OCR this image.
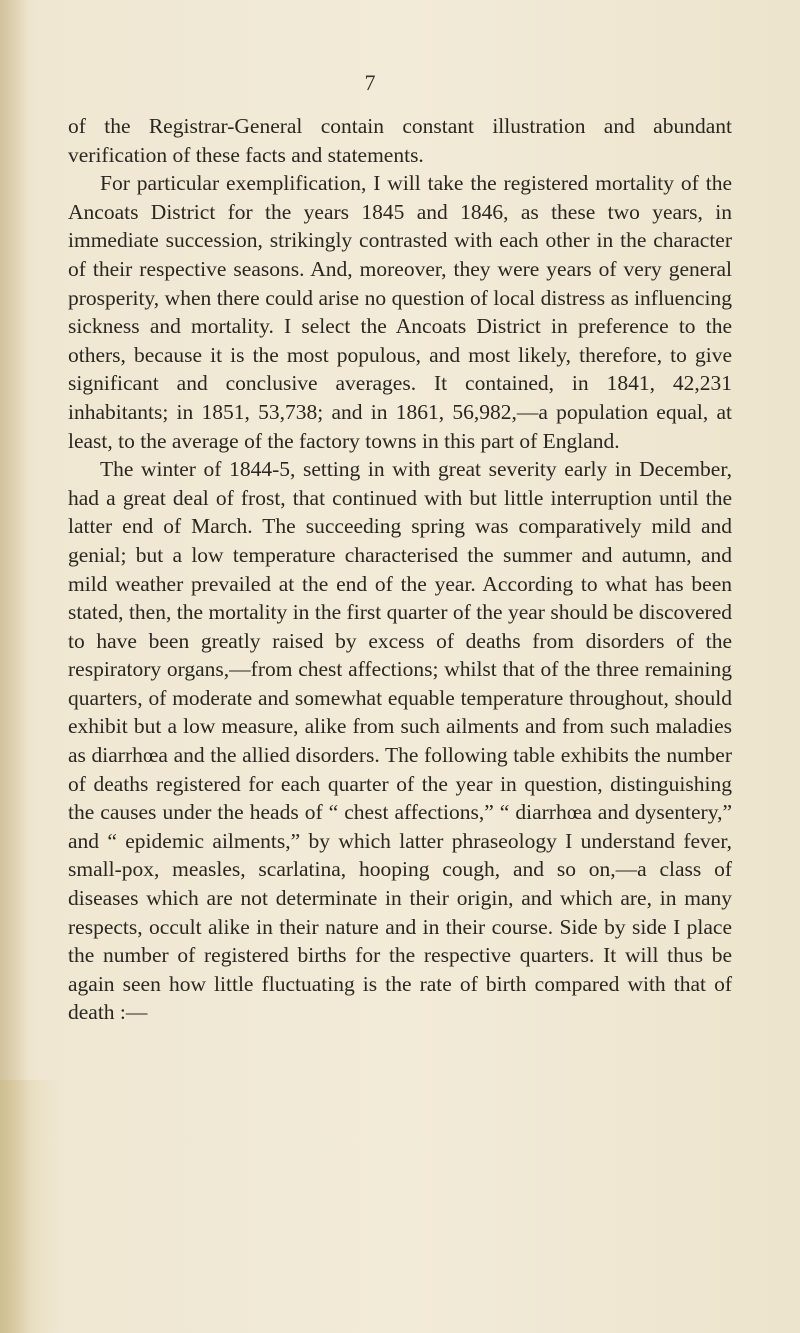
7

of the Registrar-General contain constant illustration and abundant verification of these facts and statements.

For particular exemplification, I will take the registered mortality of the Ancoats District for the years 1845 and 1846, as these two years, in immediate succession, strikingly contrasted with each other in the character of their respective seasons. And, moreover, they were years of very general prosperity, when there could arise no question of local distress as influencing sickness and mortality. I select the Ancoats District in preference to the others, because it is the most populous, and most likely, therefore, to give significant and conclusive averages. It contained, in 1841, 42,231 inhabitants; in 1851, 53,738; and in 1861, 56,982,—a population equal, at least, to the average of the factory towns in this part of England.

The winter of 1844-5, setting in with great severity early in December, had a great deal of frost, that continued with but little interruption until the latter end of March. The succeeding spring was comparatively mild and genial; but a low temperature characterised the summer and autumn, and mild weather prevailed at the end of the year. According to what has been stated, then, the mortality in the first quarter of the year should be discovered to have been greatly raised by excess of deaths from disorders of the respiratory organs,—from chest affections; whilst that of the three remaining quarters, of moderate and somewhat equable temperature throughout, should exhibit but a low measure, alike from such ailments and from such maladies as diarrhœa and the allied disorders. The following table exhibits the number of deaths registered for each quarter of the year in question, distinguishing the causes under the heads of “ chest affections,” “ diarrhœa and dysentery,” and “ epidemic ailments,” by which latter phraseology I understand fever, small-pox, measles, scarlatina, hooping cough, and so on,—a class of diseases which are not determinate in their origin, and which are, in many respects, occult alike in their nature and in their course. Side by side I place the number of registered births for the respective quarters. It will thus be again seen how little fluctuating is the rate of birth compared with that of death :—
